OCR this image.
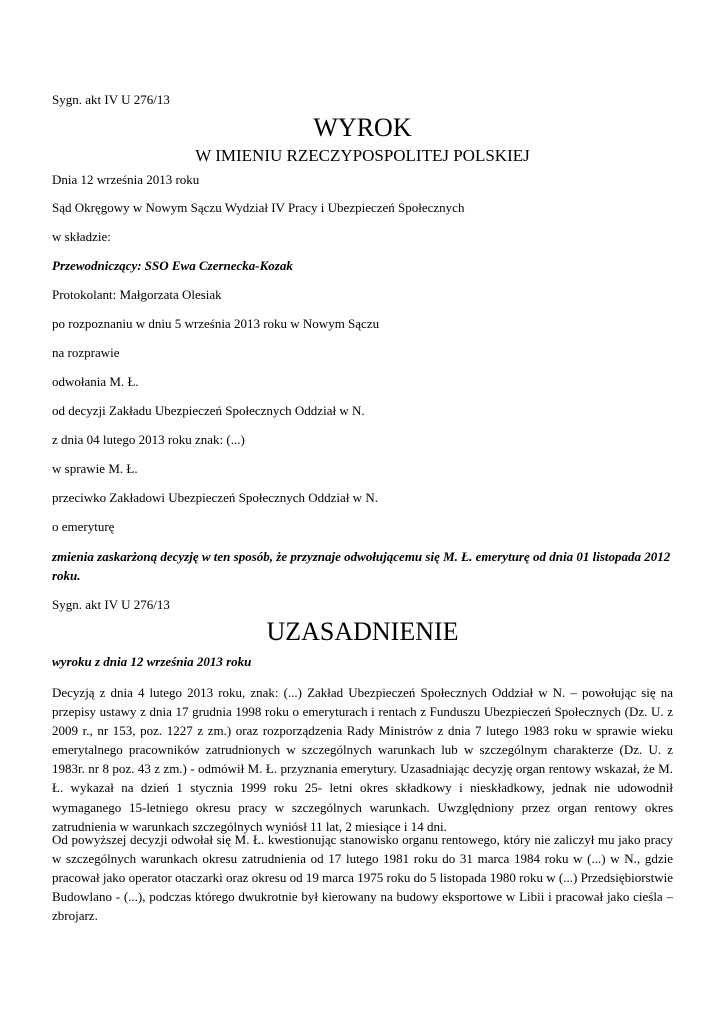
Sygn. akt IV U 276/13
WYROK
W IMIENIU RZECZYPOSPOLITEJ POLSKIEJ
Dnia 12 września 2013 roku
Sąd Okręgowy w Nowym Sączu Wydział IV Pracy i Ubezpieczeń Społecznych
w składzie:
Przewodniczący: SSO Ewa Czernecka-Kozak
Protokolant: Małgorzata Olesiak
po rozpoznaniu w dniu 5 września 2013 roku w Nowym Sączu
na rozprawie
odwołania M. Ł.
od decyzji Zakładu Ubezpieczeń Społecznych Oddział w N.
z dnia 04 lutego 2013 roku znak: (...)
w sprawie M. Ł.
przeciwko Zakładowi Ubezpieczeń Społecznych Oddział w N.
o emeryturę
zmienia zaskarżoną decyzję w ten sposób, że przyznaje odwołującemu się M. Ł. emeryturę od dnia 01 listopada 2012 roku.
Sygn. akt IV U 276/13
UZASADNIENIE
wyroku z dnia 12 września 2013 roku
Decyzją z dnia 4 lutego 2013 roku, znak: (...) Zakład Ubezpieczeń Społecznych Oddział w N. – powołując się na przepisy ustawy z dnia 17 grudnia 1998 roku o emeryturach i rentach z Funduszu Ubezpieczeń Społecznych (Dz. U. z 2009 r., nr 153, poz. 1227 z zm.) oraz rozporządzenia Rady Ministrów z dnia 7 lutego 1983 roku w sprawie wieku emerytalnego pracowników zatrudnionych w szczególnych warunkach lub w szczególnym charakterze (Dz. U. z 1983r. nr 8 poz. 43 z zm.) - odmówił M. Ł. przyznania emerytury. Uzasadniając decyzję organ rentowy wskazał, że M. Ł. wykazał na dzień 1 stycznia 1999 roku 25- letni okres składkowy i nieskładkowy, jednak nie udowodnił wymaganego 15-letniego okresu pracy w szczególnych warunkach. Uwzględniony przez organ rentowy okres zatrudnienia w warunkach szczególnych wyniósł 11 lat, 2 miesiące i 14 dni.
Od powyższej decyzji odwołał się M. Ł. kwestionując stanowisko organu rentowego, który nie zaliczył mu jako pracy w szczególnych warunkach okresu zatrudnienia od 17 lutego 1981 roku do 31 marca 1984 roku w (...) w N., gdzie pracował jako operator otaczarki oraz okresu od 19 marca 1975 roku do 5 listopada 1980 roku w (...) Przedsiębiorstwie Budowlano - (...), podczas którego dwukrotnie był kierowany na budowy eksportowe w Libii i pracował jako cieśla – zbrojarz.
